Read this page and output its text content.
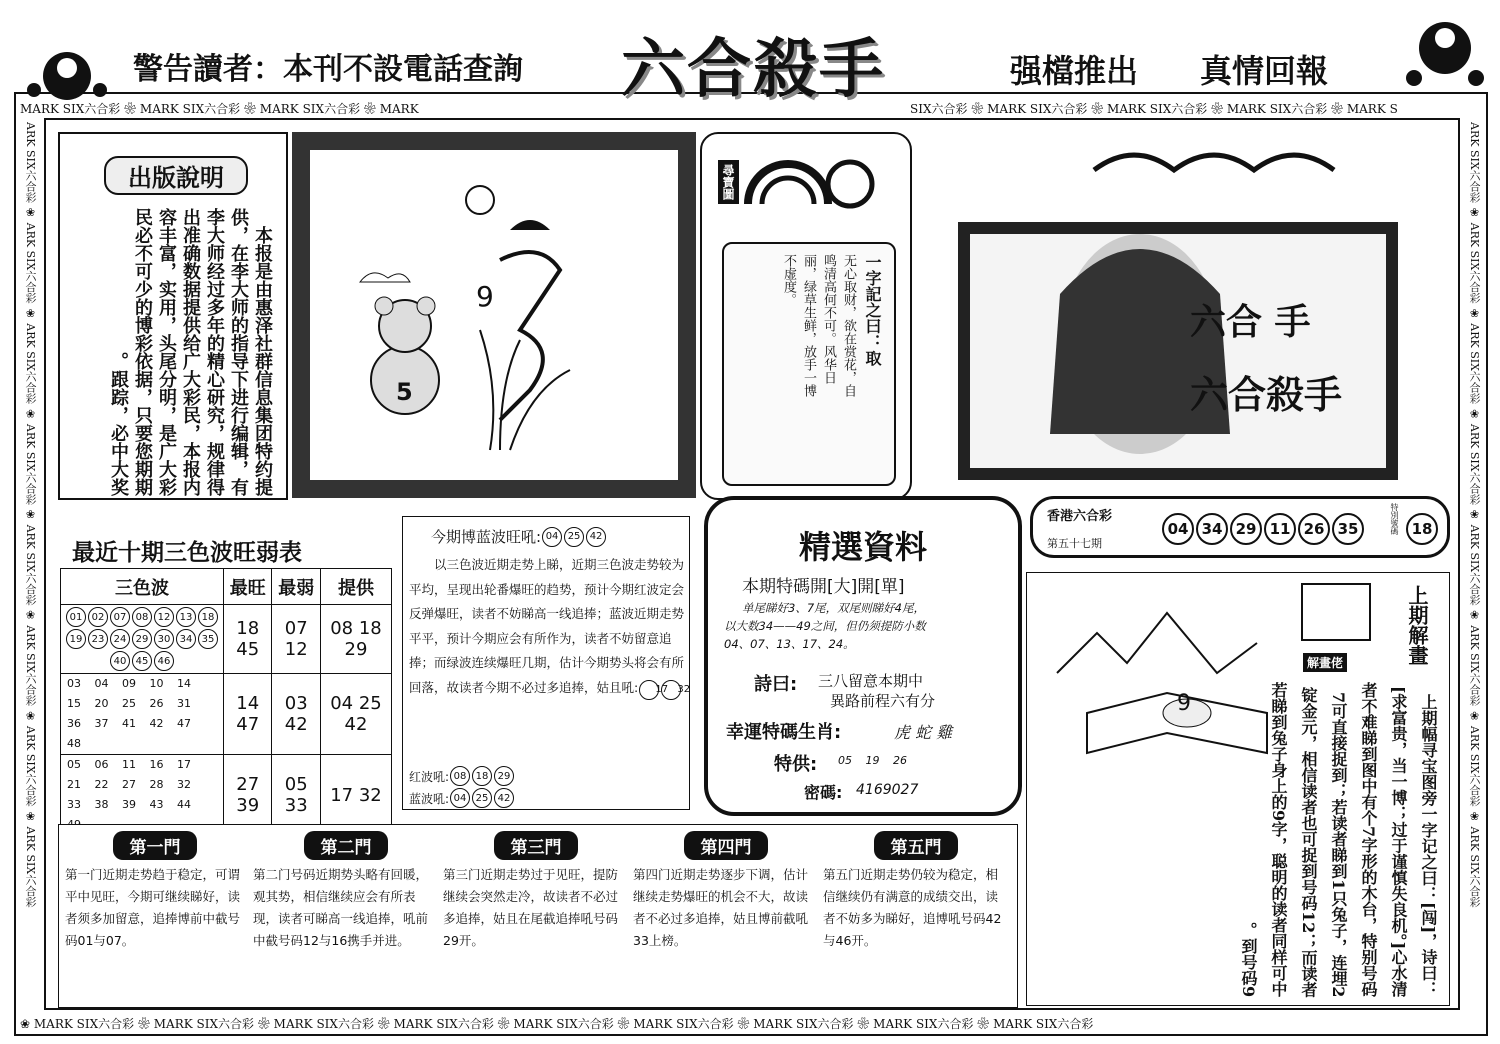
警告讀者：本刊不設電話查詢	六合殺手	强檔推出 真情回報
MARK SIX六合彩 ❀ MARK SIX六合彩 ❀ MARK SIX六合彩 ❀ MARK	SIX六合彩 ❀ MARK SIX六合彩 ❀ MARK SIX六合彩 ❀ MARK SIX六合彩 ❀ MARK S
❀ MARK SIX六合彩 ❀ MARK SIX六合彩 ❀ MARK SIX六合彩 ❀ MARK SIX六合彩 ❀ MARK SIX六合彩 ❀ MARK SIX六合彩 ❀ MARK SIX六合彩 ❀ MARK SIX六合彩 ❀ MARK SIX六合彩
ARK SIX六合彩 ❀ ARK SIX六合彩 ❀ ARK SIX六合彩 ❀ ARK SIX六合彩 ❀ ARK SIX六合彩 ❀ ARK SIX六合彩 ❀ ARK SIX六合彩 ❀ ARK SIX六合彩	ARK SIX六合彩 ❀ ARK SIX六合彩 ❀ ARK SIX六合彩 ❀ ARK SIX六合彩 ❀ ARK SIX六合彩 ❀ ARK SIX六合彩 ❀ ARK SIX六合彩 ❀ ARK SIX六合彩
出版說明
本报是由惠泽社群信息集团特约提供，在李大师的指导下进行编辑，有李大师经过多年的精心研究，规律得出准确数据提供给广大彩民，本报内容丰富，实用，头尾分明，是广大彩民必不可少的博彩依据，只要您期期跟踪，必中大奖。
9
5
尋寶圖
一字記之曰：取
无心取财，欲在赏花，自鸣清高何不可。风华日丽，绿草生鲜，放手一博不虚度。
六合 手
六合殺手
最近十期三色波旺弱表
三色波	最旺	最弱	提供
01 02 07 08 12 13 1819 23 24 29 30 34 3540 45 46	18 45	07 12	08 18 29
03 04 09 10 14 15 20 25 26 31 36 37 41 42 47 48	14 47	03 42	04 25 42
05 06 11 16 17 21 22 27 28 32 33 38 39 43 44	27 39	05 33	17 32
今期博蓝波旺吼: 04 25 42
以三色波近期走势上睇，近期三色波走势较为平均，呈现出轮番爆旺的趋势，预计今期红波定会反弹爆旺，读者不妨睇高一线追捧；蓝波近期走势平平，预计今期应会有所作为，读者不妨留意追捧；而绿波连续爆旺几期，估计今期势头将会有所回落，故读者今期不必过多追捧，姑且吼: 17 32
红波吼: 08 18 29
蓝波吼: 04 25 42
精選資料
本期特碼開[大]開[單]
单尾睇好3、7尾，双尾则睇好4尾，
以大数34——49之间，但仍须提防小数
04、07、13、17、24。
詩曰: 三八留意本期中
異路前程六有分
幸運特碼生肖:	虎 蛇 雞
特供: 05 19 26
密碼: 4169027
香港六合彩
第五十七期
04 34 29 11 26 35	特別號碼 18
9
上期解畫
解畫佬
上期幅寻宝图旁一字记之曰：[闯]，诗曰：[求富贵，当一博；过于谨慎失良机。]心水清者不难睇到图中有个7字形的木台，特别号码7可直接捉到；若读者睇到1只兔子，连埋2锭金元，相信读者也可捉到号码12；而读者若睇到兔子身上的9字，聪明的读者同样可中到号码9。
第一門
第一门近期走势趋于稳定，可谓平中见旺，今期可继续睇好，读者须多加留意，追捧博前中截号码01与07。
第二門
第二门号码近期势头略有回暖，观其势，相信继续应会有所表现，读者可睇高一线追捧，吼前中截号码12与16携手并进。
第三門
第三门近期走势过于见旺，提防继续会突然走冷，故读者不必过多追捧，姑且在尾截追捧吼号码29开。
第四門
第四门近期走势逐步下调，估计继续走势爆旺的机会不大，故读者不必过多追捧，姑且博前截吼33上榜。
第五門
第五门近期走势仍较为稳定，相信继续仍有满意的成绩交出，读者不妨多为睇好，追博吼号码42与46开。
